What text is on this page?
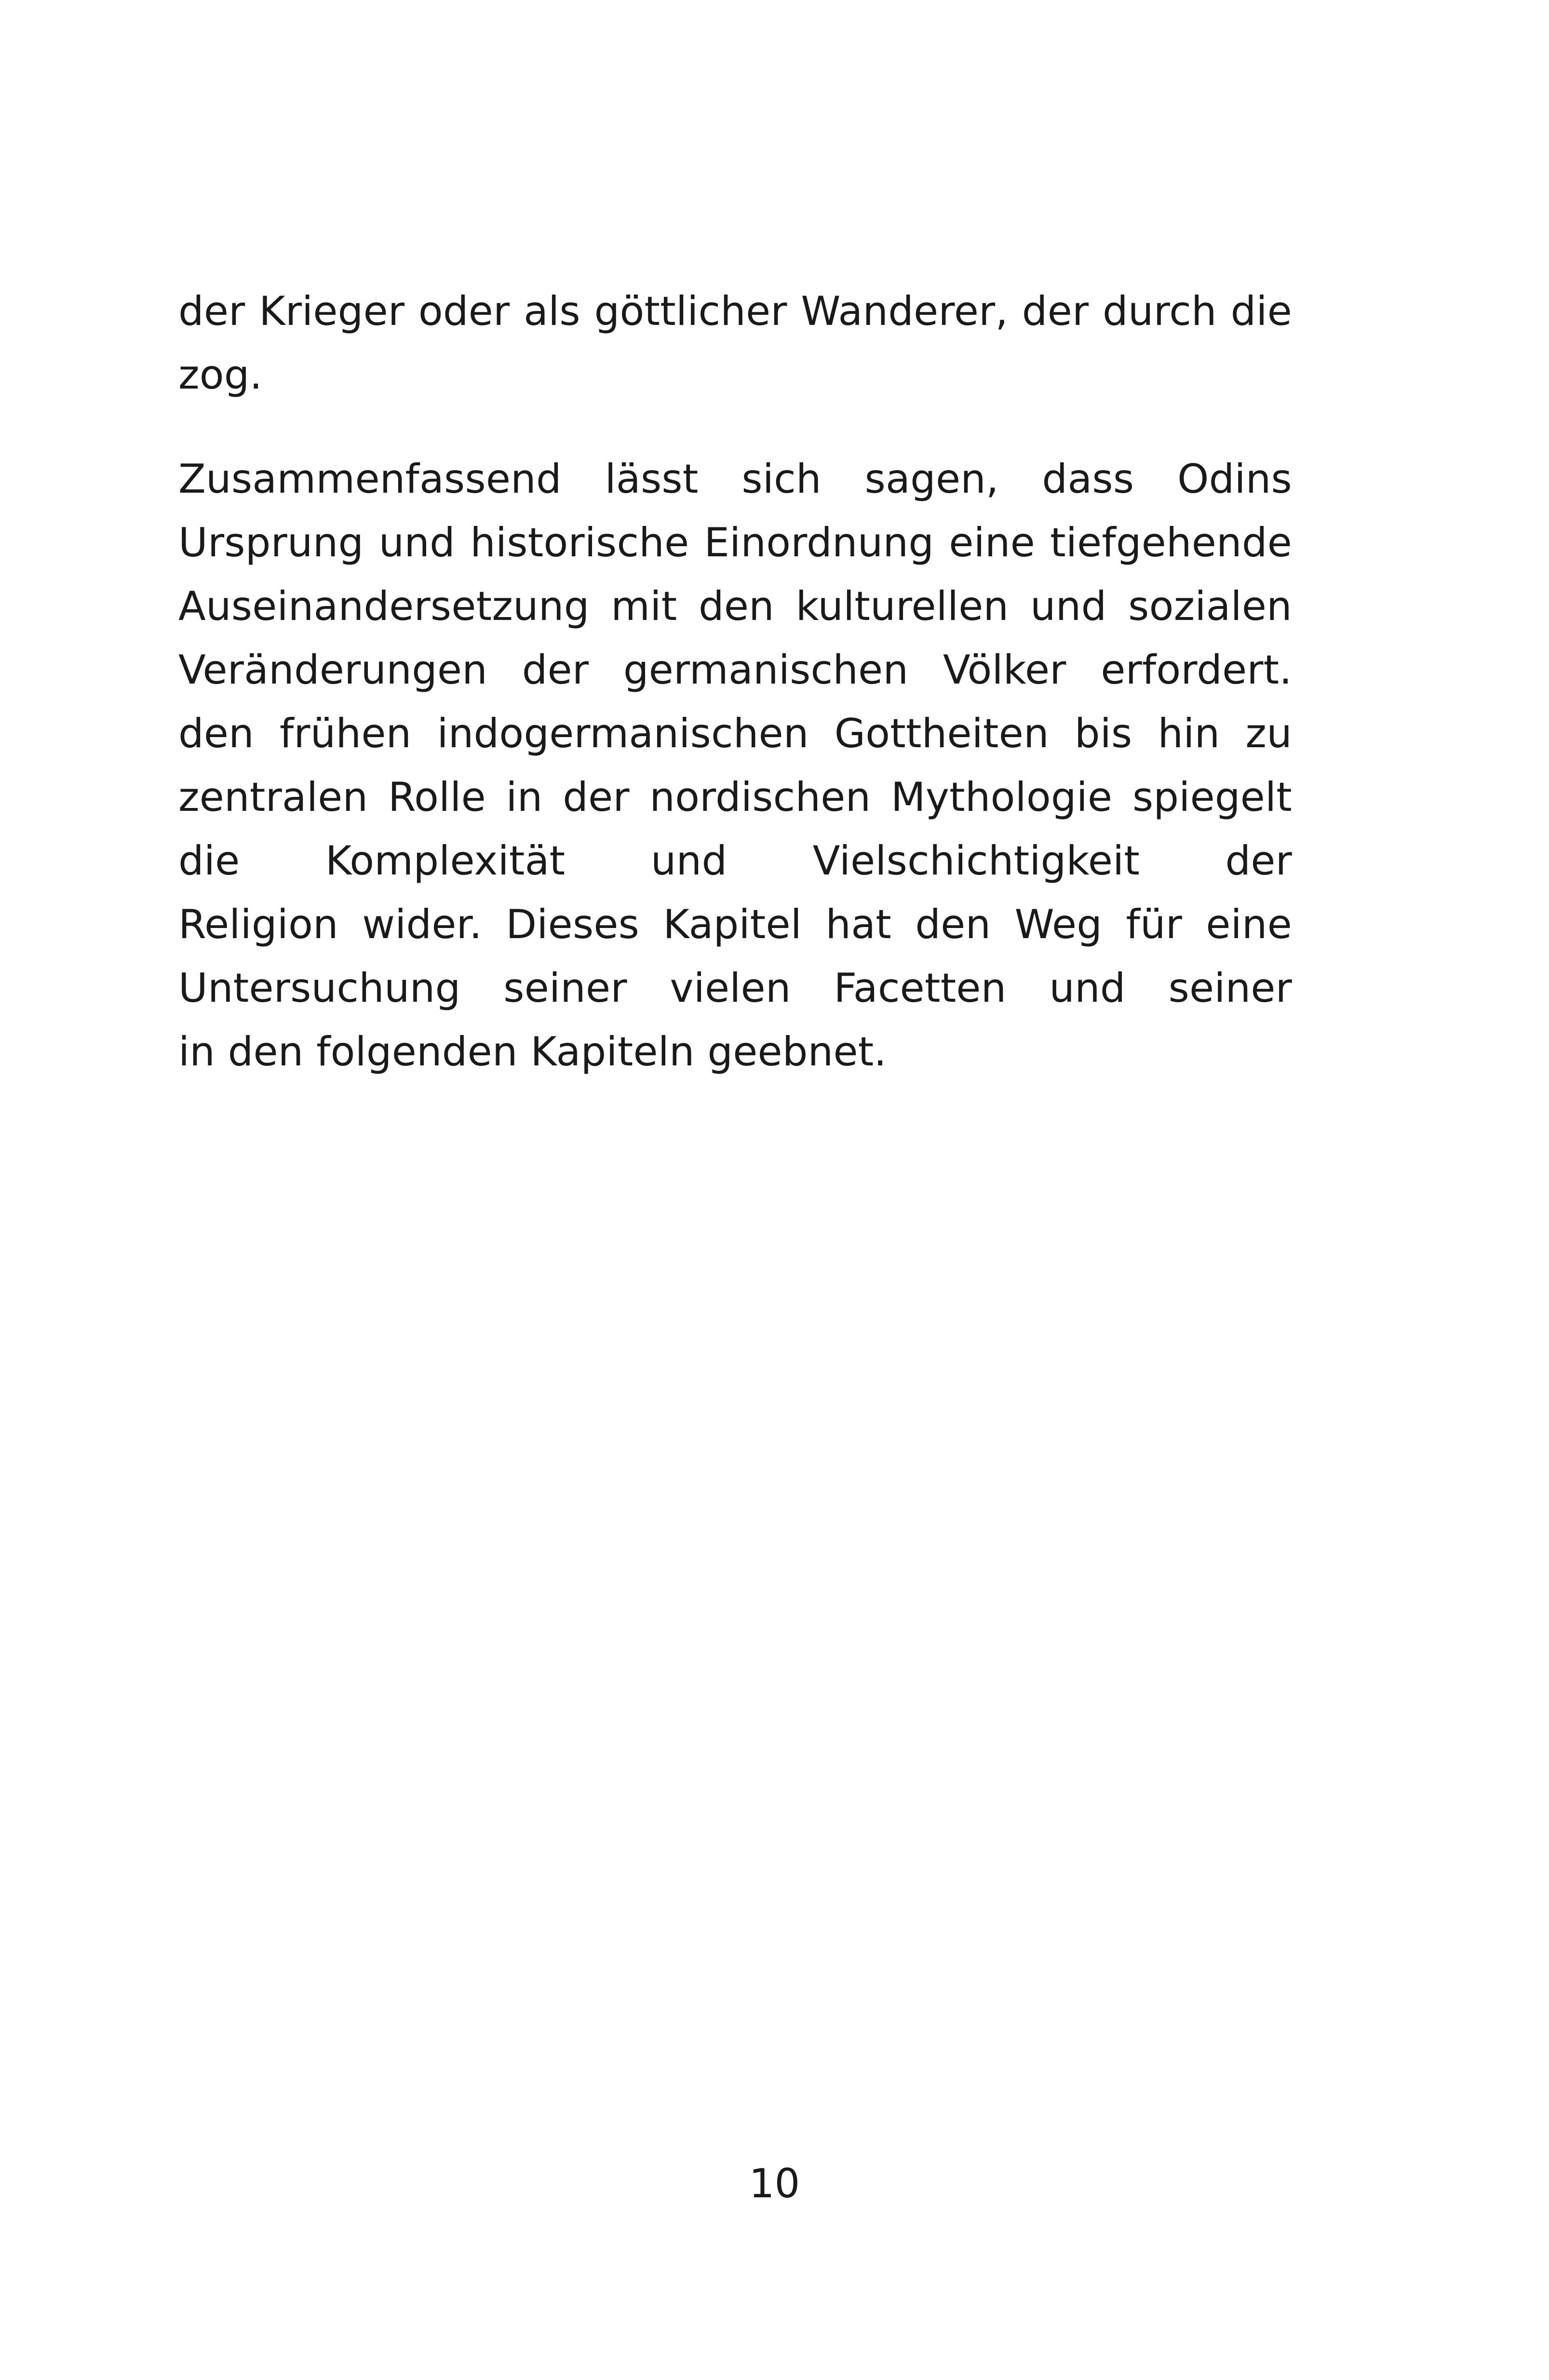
der Krieger oder als göttlicher Wanderer, der durch die
zog.
Zusammenfassend lässt sich sagen, dass Odins
Ursprung und historische Einordnung eine tiefgehende
Auseinandersetzung mit den kulturellen und sozialen
Veränderungen der germanischen Völker erfordert.
den frühen indogermanischen Gottheiten bis hin zu
zentralen Rolle in der nordischen Mythologie spiegelt
die Komplexität und Vielschichtigkeit der
Religion wider. Dieses Kapitel hat den Weg für eine
Untersuchung seiner vielen Facetten und seiner
in den folgenden Kapiteln geebnet.
10
